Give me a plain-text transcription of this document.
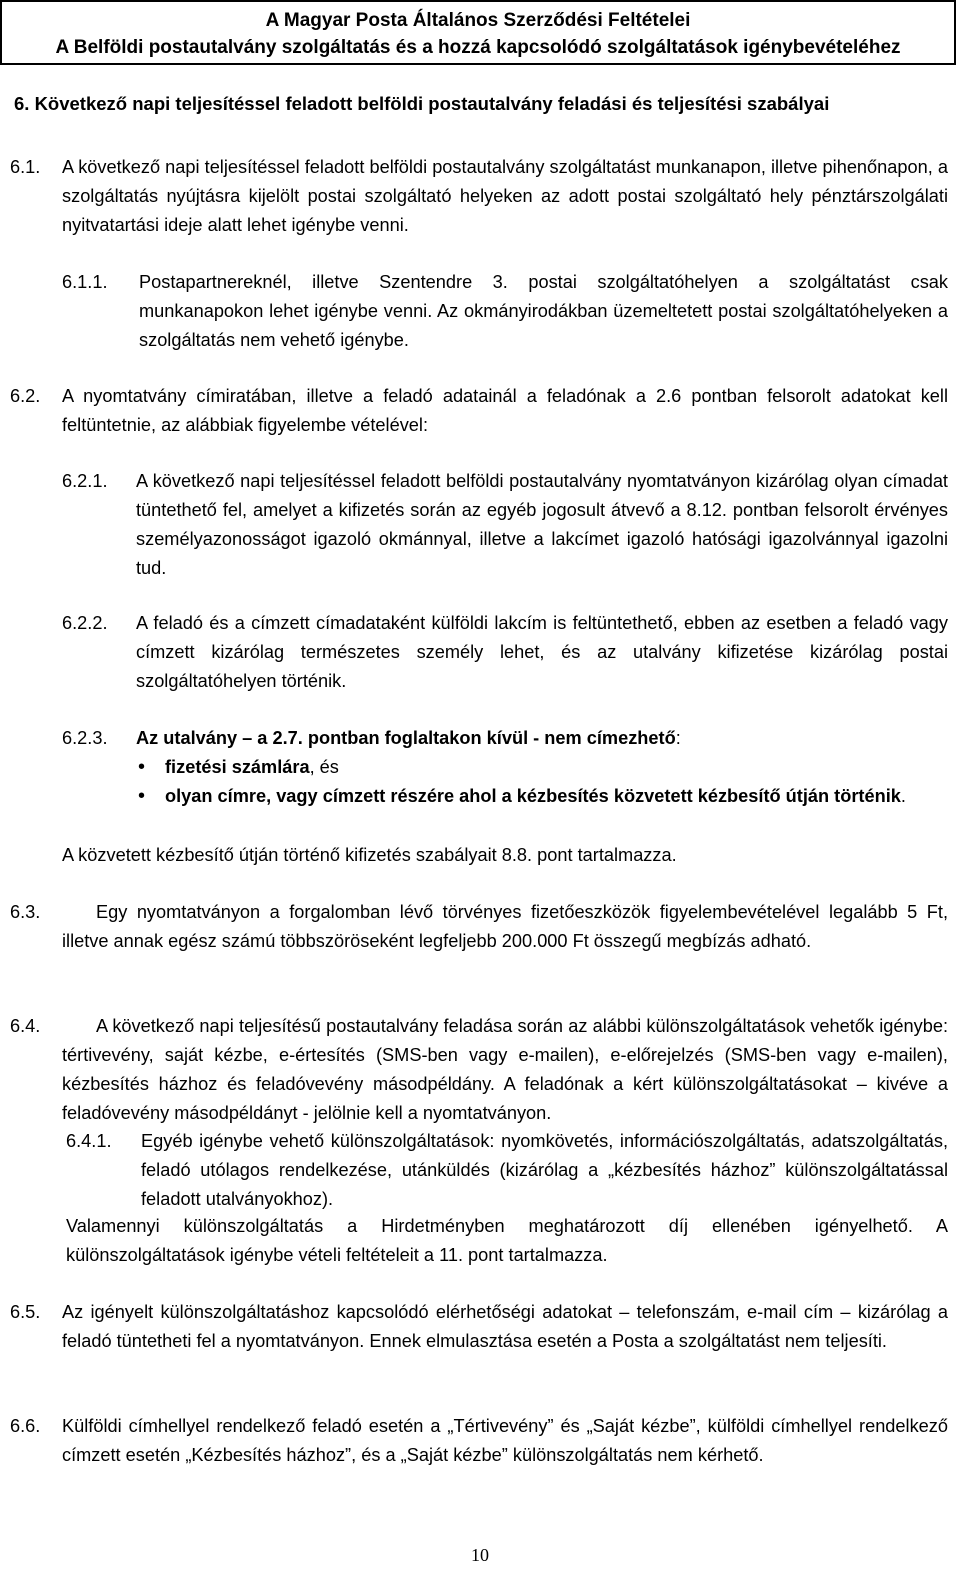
A Magyar Posta Általános Szerződési Feltételei
A Belföldi postautalvány szolgáltatás és a hozzá kapcsolódó szolgáltatások igénybevételéhez
6. Következő napi teljesítéssel feladott belföldi postautalvány feladási és teljesítési szabályai
6.1. A következő napi teljesítéssel feladott belföldi postautalvány szolgáltatást munkanapon, illetve pihenőnapon, a szolgáltatás nyújtásra kijelölt postai szolgáltató helyeken az adott postai szolgáltató hely pénztárszolgálati nyitvatartási ideje alatt lehet igénybe venni.

6.1.1. Postapartnereknél, illetve Szentendre 3. postai szolgáltatóhelyen a szolgáltatást csak munkanapokon lehet igénybe venni. Az okmányirodákban üzemeltetett postai szolgáltatóhelyeken a szolgáltatás nem vehető igénybe.

6.2. A nyomtatvány címiratában, illetve a feladó adatainál a feladónak a 2.6 pontban felsorolt adatokat kell feltüntetnie, az alábbiak figyelembe vételével:

6.2.1. A következő napi teljesítéssel feladott belföldi postautalvány nyomtatványon kizárólag olyan címadat tüntethető fel, amelyet a kifizetés során az egyéb jogosult átvevő a 8.12. pontban felsorolt érvényes személyazonosságot igazoló okmánnyal, illetve a lakcímet igazoló hatósági igazolvánnyal igazolni tud.

6.2.2. A feladó és a címzett címadataként külföldi lakcím is feltüntethető, ebben az esetben a feladó vagy címzett kizárólag természetes személy lehet, és az utalvány kifizetése kizárólag postai szolgáltatóhelyen történik.

6.2.3. Az utalvány – a 2.7. pontban foglaltakon kívül - nem címezhető:

• fizetési számlára, és
• olyan címre, vagy címzett részére ahol a kézbesítés közvetett kézbesítő útján történik.

A közvetett kézbesítő útján történő kifizetés szabályait 8.8. pont tartalmazza.

6.3.	Egy nyomtatványon a forgalomban lévő törvényes fizetőeszközök figyelembevételével legalább 5 Ft, illetve annak egész számú többszöröseként legfeljebb 200.000 Ft összegű megbízás adható.

6.4.	A következő napi teljesítésű postautalvány feladása során az alábbi különszolgáltatások vehetők igénybe: tértivevény, saját kézbe, e-értesítés (SMS-ben vagy e-mailen), e-előrejelzés (SMS-ben vagy e-mailen), kézbesítés házhoz és feladóvevény másodpéldány. A feladónak a kért különszolgáltatásokat – kivéve a feladóvevény másodpéldányt - jelölnie kell a nyomtatványon.

6.4.1. Egyéb igénybe vehető különszolgáltatások: nyomkövetés, információszolgáltatás, adatszolgáltatás, feladó utólagos rendelkezése, utánküldés (kizárólag a „kézbesítés házhoz” különszolgáltatással feladott utalványokhoz).

Valamennyi különszolgáltatás a Hirdetményben meghatározott díj ellenében igényelhető. A különszolgáltatások igénybe vételi feltételeit a 11. pont tartalmazza.

6.5. Az igényelt különszolgáltatáshoz kapcsolódó elérhetőségi adatokat – telefonszám, e-mail cím – kizárólag a feladó tüntetheti fel a nyomtatványon. Ennek elmulasztása esetén a Posta a szolgáltatást nem teljesíti.

6.6. Külföldi címhellyel rendelkező feladó esetén a „Tértivevény” és „Saját kézbe”, külföldi címhellyel rendelkező címzett esetén „Kézbesítés házhoz”, és a „Saját kézbe” különszolgáltatás nem kérhető.

10
